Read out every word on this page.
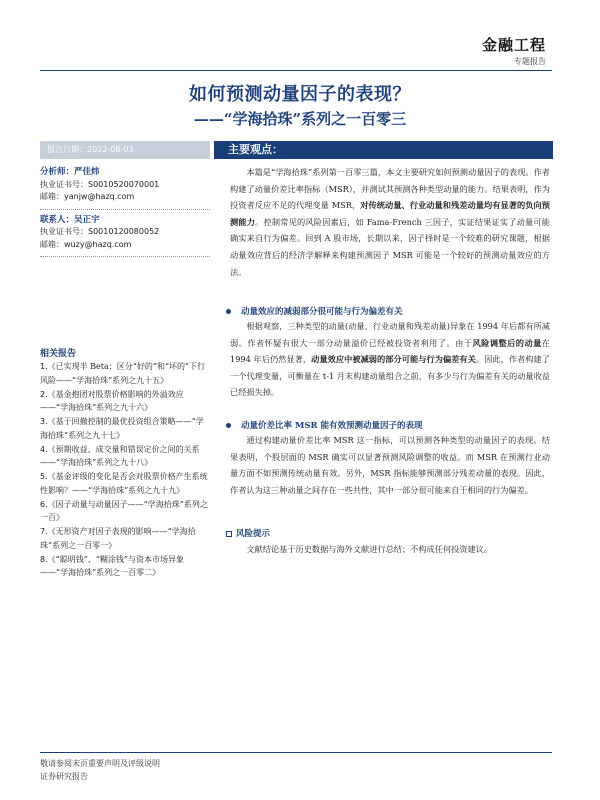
金融工程
专题报告
如何预测动量因子的表现？
——“学海拾珠”系列之一百零三
报告日期：2022-08-03	主要观点：
分析师：严佳炜
执业证书号：S0010520070001
邮箱：yanjw@hazq.com
联系人：吴正宇
执业证书号：S0010120080052
邮箱：wuzy@hazq.com
相关报告
1.《已实现半 Beta：区分“好的”和“坏的”下行风险——“学海拾珠”系列之九十五》
2.《基金抱团对股票价格影响的外溢效应——“学海拾珠”系列之九十六》
3.《基于回撤控制的最优投资组合策略——“学海拾珠”系列之九十七》
4.《预期收益、成交量和错误定价之间的关系——“学海拾珠”系列之九十八》
5.《基金评级的变化是否会对股票价格产生系统性影响？——“学海拾珠”系列之九十九》
6.《因子动量与动量因子——“学海拾珠”系列之一百》
7.《无形资产对因子表现的影响——“学海拾珠”系列之一百零一》
8.《“聪明钱”、“糊涂钱”与资本市场异象——“学海拾珠”系列之一百零二》

本篇是“学海拾珠”系列第一百零三篇，本文主要研究如何预测动量因子的表现。作者构建了动量价差比率指标（MSR），并测试其预测各种类型动量的能力。结果表明，作为投资者反应不足的代理变量 MSR，对传统动量、行业动量和残差动量均有显著的负向预测能力。控制常见的风险因素后，如 Fama-French 三因子，实证结果证实了动量可能确实来自行为偏差。回到 A 股市场，长期以来，因子择时是一个较难的研究课题，根据动量效应背后的经济学解释来构建预测因子 MSR 可能是一个较好的预测动量效应的方法。

动量效应的减弱部分很可能与行为偏差有关

根据观察，三种类型的动量(动量、行业动量和残差动量)异象在 1994 年后都有所减弱。作者怀疑有很大一部分动量溢价已经被投资者利用了。由于风险调整后的动量在 1994 年后仍然显著，动量效应中被减弱的部分可能与行为偏差有关。因此，作者构建了一个代理变量，可衡量在 t-1 月末构建动量组合之前，有多少与行为偏差有关的动量收益已经损失掉。

动量价差比率 MSR 能有效预测动量因子的表现

通过构建动量价差比率 MSR 这一指标，可以预测各种类型的动量因子的表现。结果表明，个股层面的 MSR 确实可以显著预测风险调整的收益。而 MSR 在预测行业动量方面不如预测传统动量有效。另外，MSR 指标能够预测部分残差动量的表现。因此，作者认为这三种动量之间存在一些共性，其中一部分很可能来自于相同的行为偏差。

风险提示
文献结论基于历史数据与海外文献进行总结；不构成任何投资建议。
敬请参阅末页重要声明及评级说明
证券研究报告
